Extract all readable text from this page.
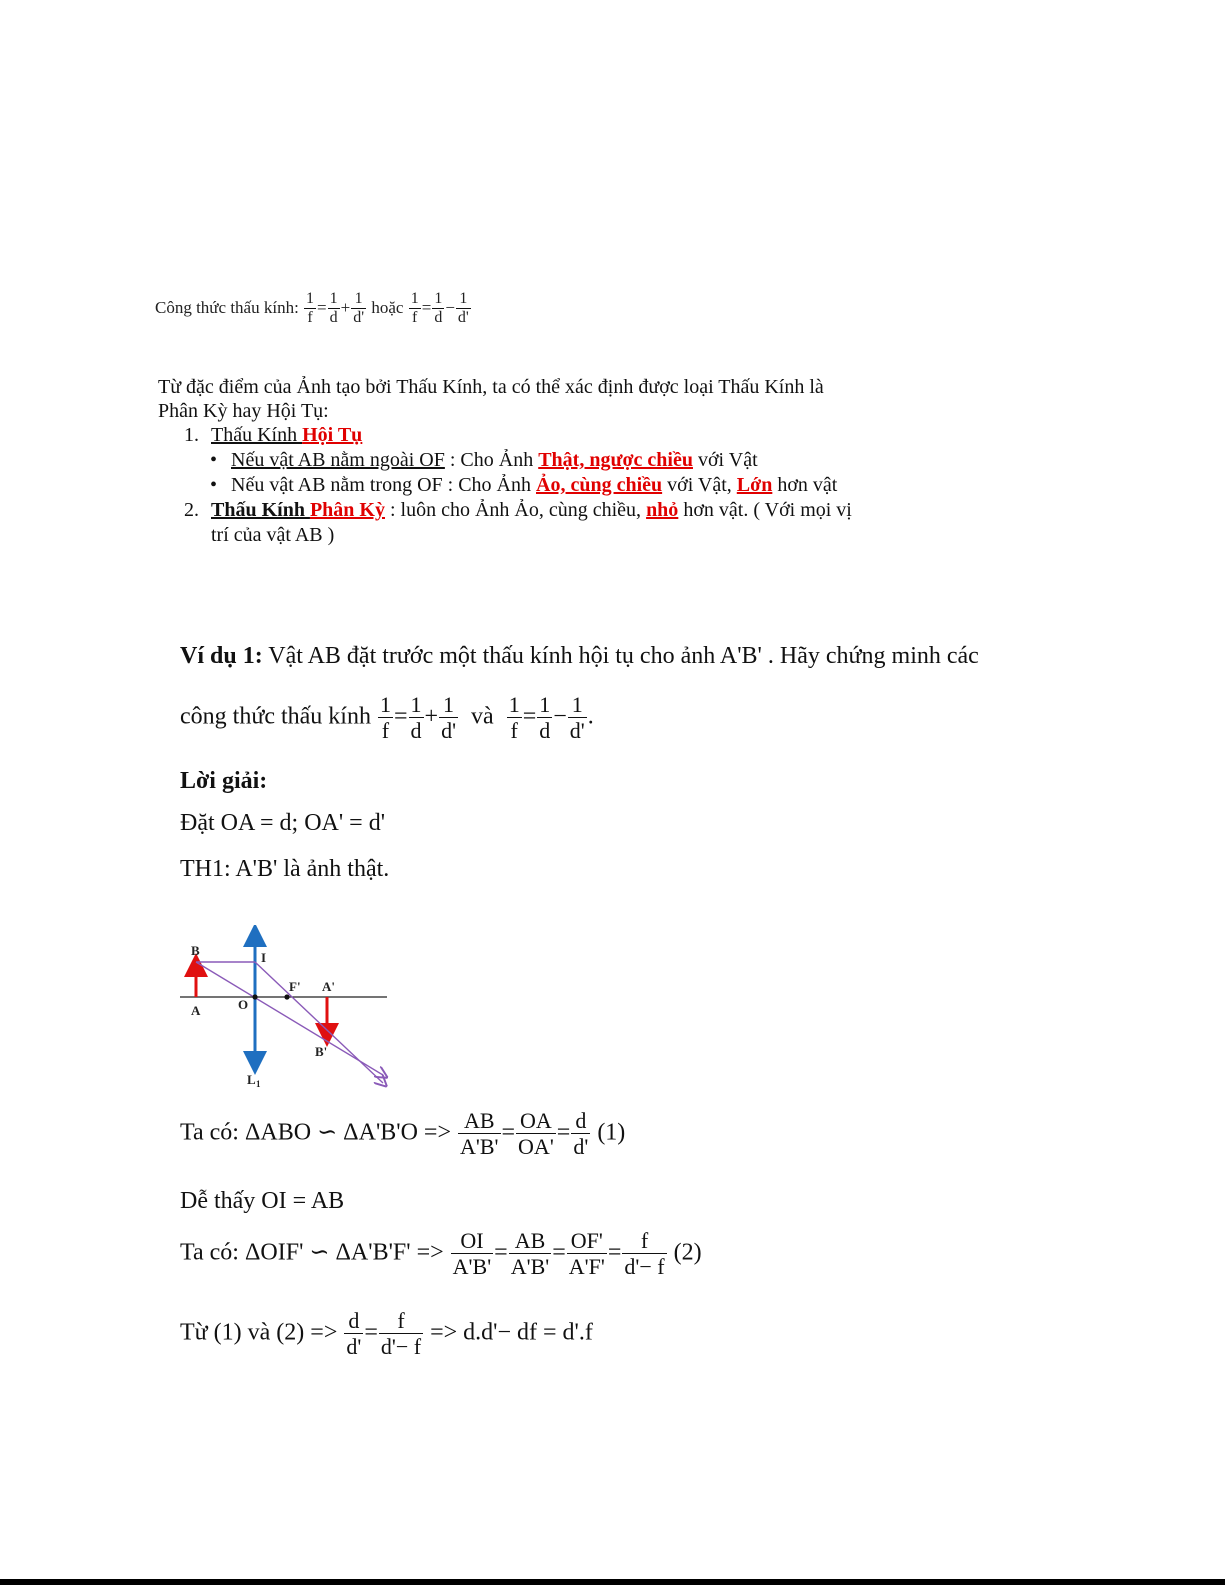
Công thức thấu kính: $\frac{1}{f} = \frac{1}{d} + \frac{1}{d'}$ hoặc $\frac{1}{f} = \frac{1}{d} - \frac{1}{d'}$
Từ đặc điểm của Ảnh tạo bởi Thấu Kính, ta có thể xác định được loại Thấu Kính là
Phân Kỳ hay Hội Tụ:
1. Thấu Kính Hội Tụ
• Nếu vật AB nằm ngoài OF : Cho Ảnh Thật, ngược chiều với Vật
• Nếu vật AB nằm trong OF : Cho Ảnh Ảo, cùng chiều với Vật, Lớn hơn vật
2. Thấu Kính Phân Kỳ : luôn cho Ảnh Ảo, cùng chiều, nhỏ hơn vật. ( Với mọi vị
trí của vật AB )
Ví dụ 1: Vật AB đặt trước một thấu kính hội tụ cho ảnh A'B' . Hãy chứng minh các
công thức thấu kính $\frac{1}{f} = \frac{1}{d} + \frac{1}{d'}$ và $\frac{1}{f} = \frac{1}{d} - \frac{1}{d'}$ .
Lời giải:
Đặt OA = d; OA' = d'
TH1: A'B' là ảnh thật.
B	I
A	O
F' A'
B'
L 1
Ta có: ΔABO ∽ $\Delta A'B'O => \frac{AB}{A'B'} = \frac{OA}{OA'} = \frac{d}{d'} (1)$
Dễ thấy OI = AB
Ta có: ΔOIF' ∽ $\Delta A'B'F' => \frac{OI}{A'B'} = \frac{AB}{A'B'} = \frac{OF'}{A'F'} = \frac{f}{d'- f} (2)$
Từ (1) và $(2) => \frac{d}{d'} = \frac{f}{d'- f} => d.d'-$ df = d'.f
